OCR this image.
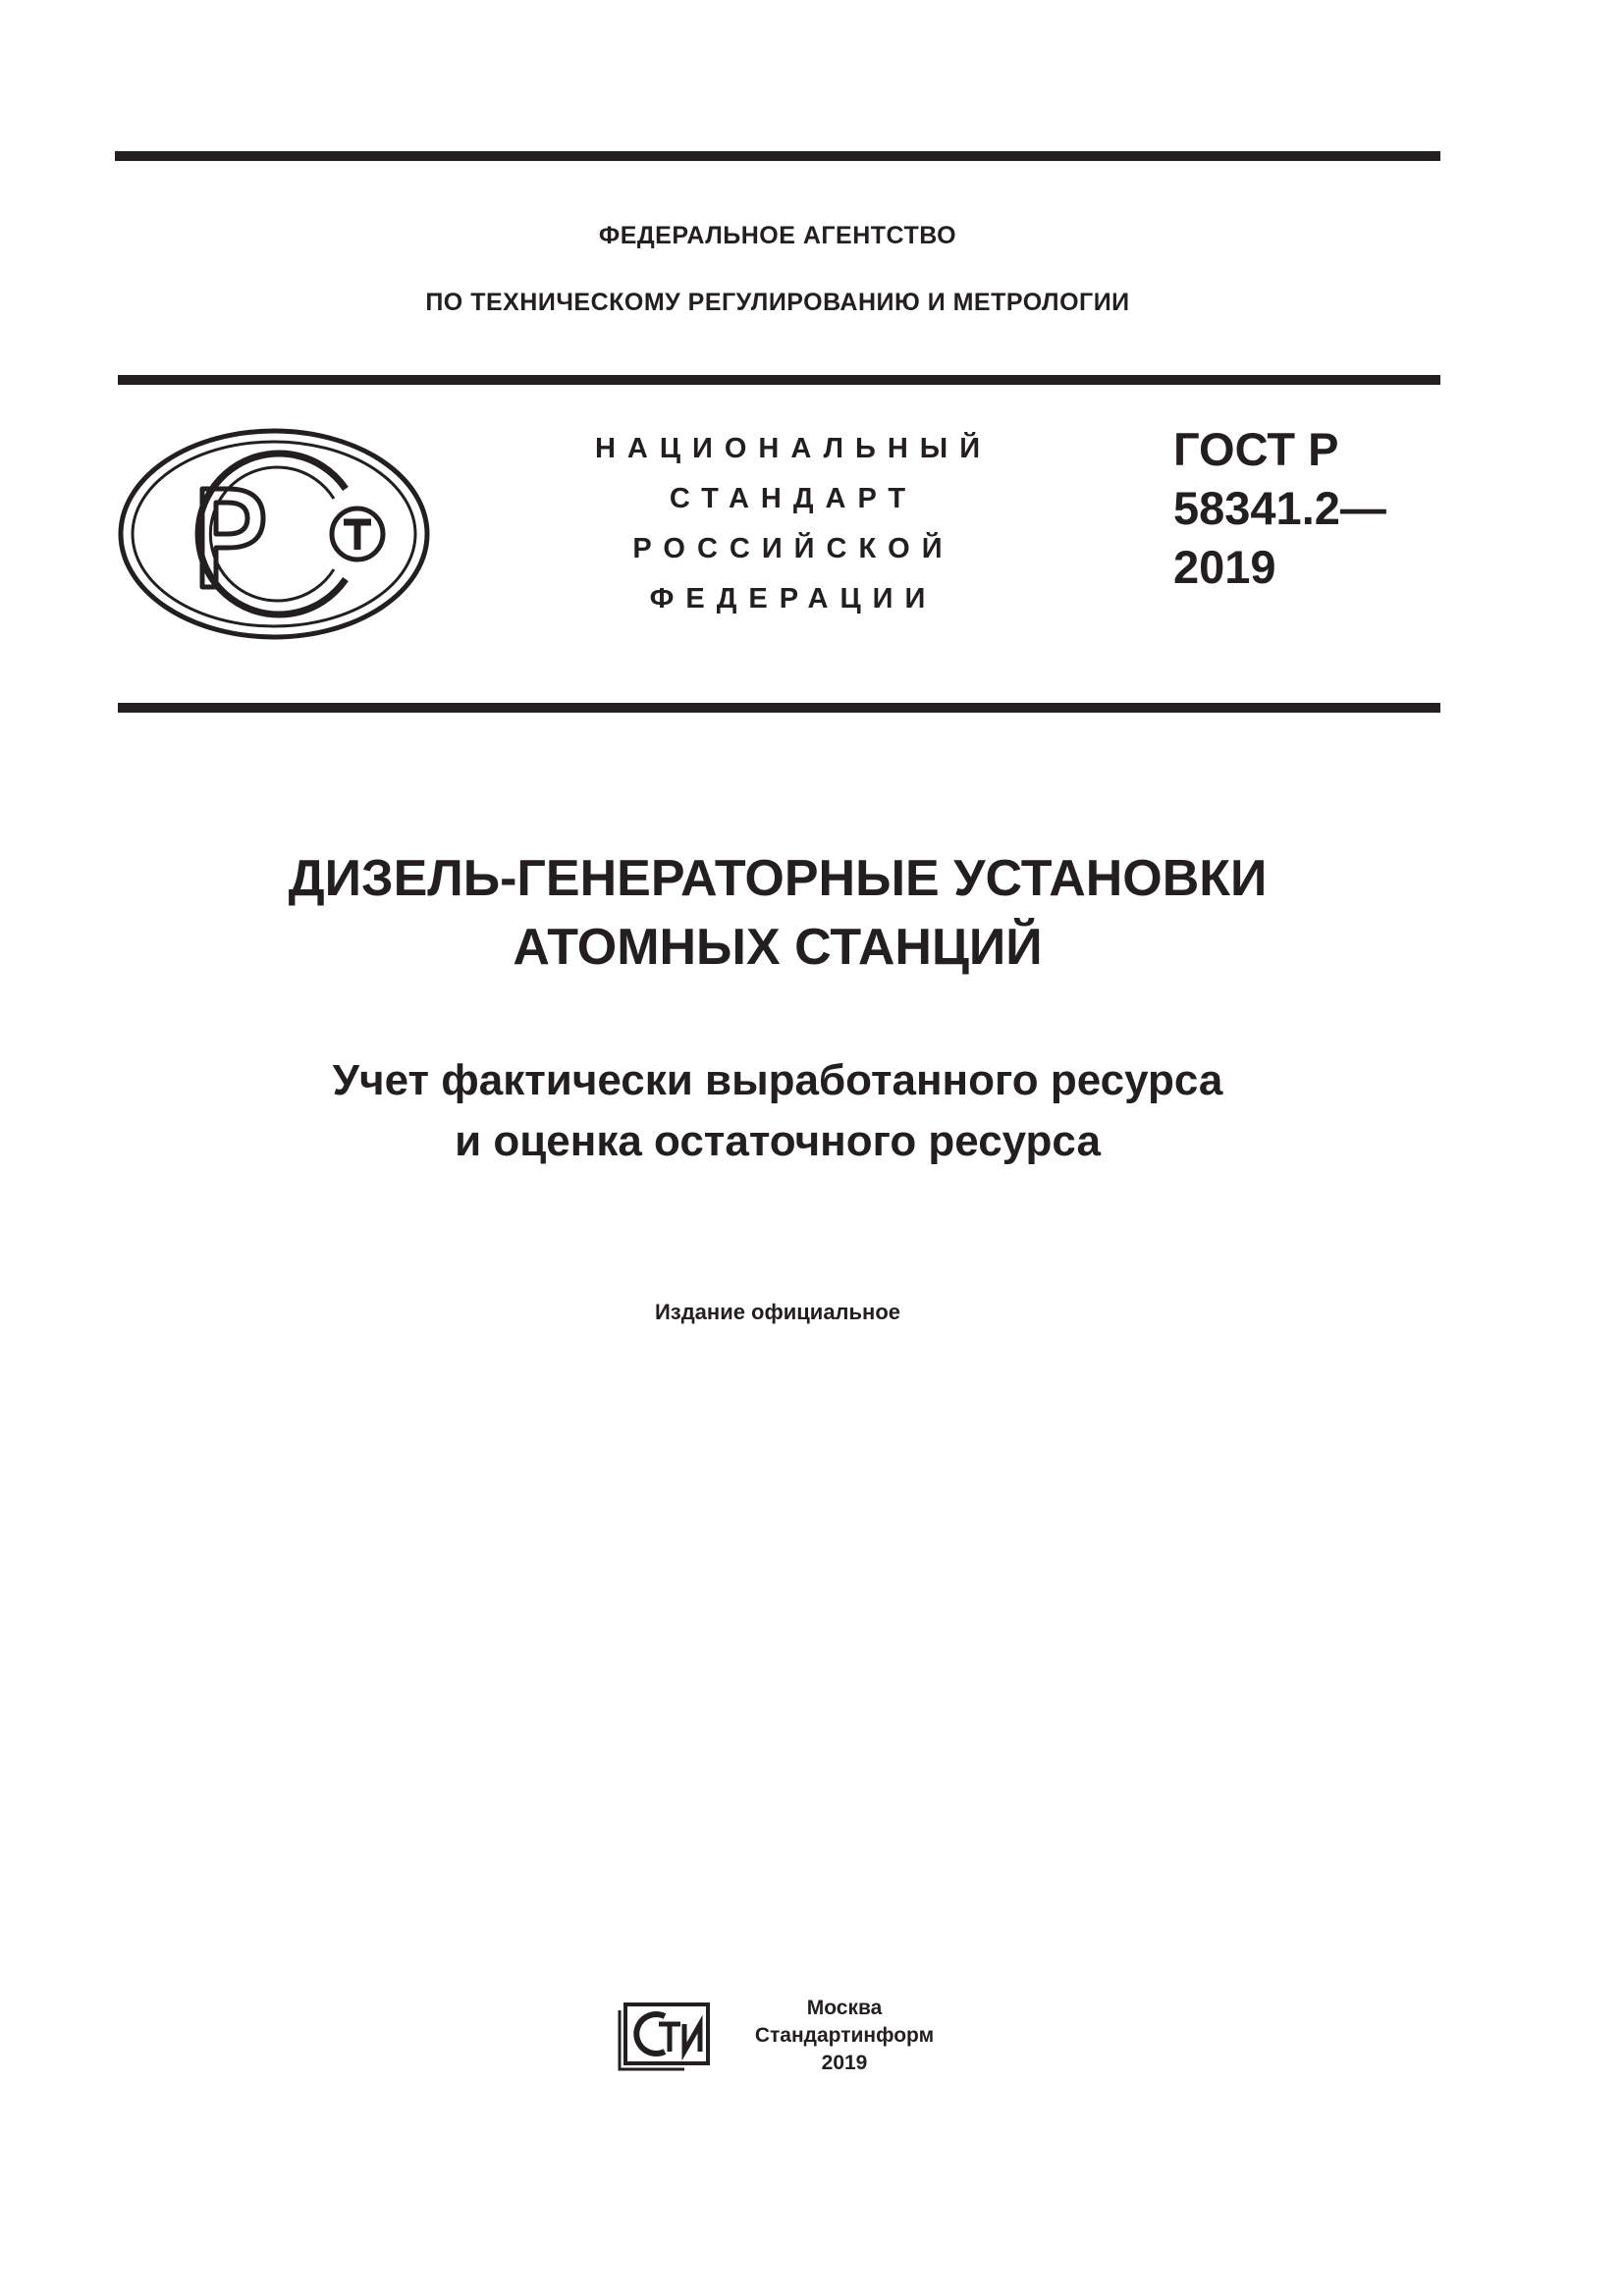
ФЕДЕРАЛЬНОЕ АГЕНТСТВО
ПО ТЕХНИЧЕСКОМУ РЕГУЛИРОВАНИЮ И МЕТРОЛОГИИ
НАЦИОНАЛЬНЫЙ
СТАНДАРТ
РОССИЙСКОЙ
ФЕДЕРАЦИИ
ГОСТ Р
58341.2—
2019
ДИЗЕЛЬ-ГЕНЕРАТОРНЫЕ УСТАНОВКИ
АТОМНЫХ СТАНЦИЙ
Учет фактически выработанного ресурса
и оценка остаточного ресурса
Издание официальное
Москва
Стандартинформ
2019
